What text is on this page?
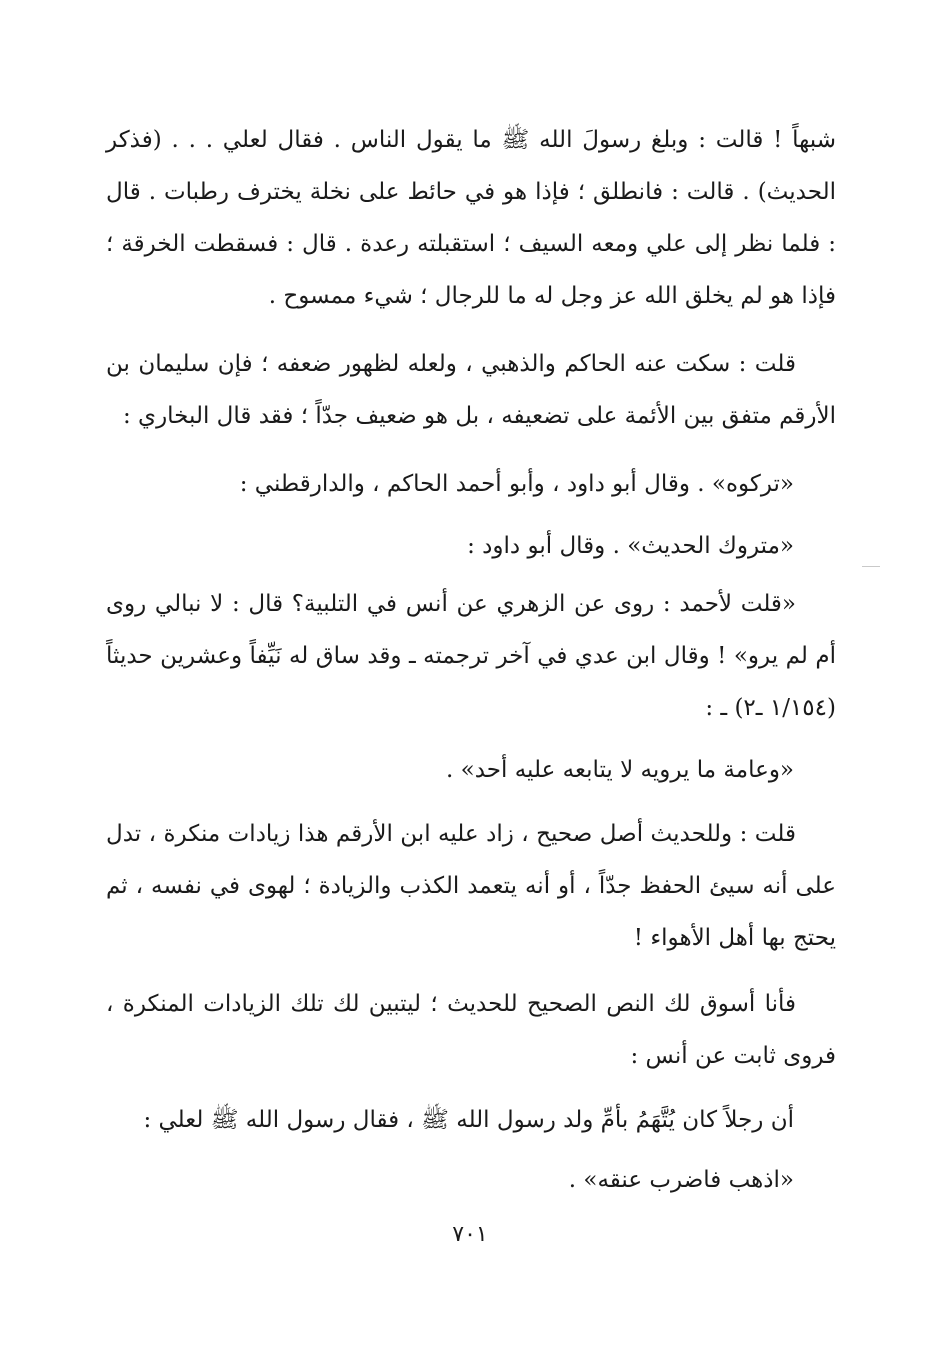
شبهاً ! قالت : وبلغ رسولَ الله ﷺ ما يقول الناس . فقال لعلي . . . (فذكر الحديث) . قالت : فانطلق ؛ فإذا هو في حائط على نخلة يخترف رطبات . قال : فلما نظر إلى علي ومعه السيف ؛ استقبلته رعدة . قال : فسقطت الخرقة ؛ فإذا هو لم يخلق الله عز وجل له ما للرجال ؛ شيء ممسوح .

قلت : سكت عنه الحاكم والذهبي ، ولعله لظهور ضعفه ؛ فإن سليمان بن الأرقم متفق بين الأئمة على تضعيفه ، بل هو ضعيف جدّاً ؛ فقد قال البخاري :

«تركوه» . وقال أبو داود ، وأبو أحمد الحاكم ، والدارقطني :

«متروك الحديث» . وقال أبو داود :

«قلت لأحمد : روى عن الزهري عن أنس في التلبية؟ قال : لا نبالي روى أم لم يرو» ! وقال ابن عدي في آخر ترجمته ـ وقد ساق له نَيِّفاً وعشرين حديثاً (١/١٥٤ ـ٢) ـ :

«وعامة ما يرويه لا يتابعه عليه أحد» .

قلت : وللحديث أصل صحيح ، زاد عليه ابن الأرقم هذا زيادات منكرة ، تدل على أنه سيئ الحفظ جدّاً ، أو أنه يتعمد الكذب والزيادة ؛ لهوى في نفسه ، ثم يحتج بها أهل الأهواء !

فأنا أسوق لك النص الصحيح للحديث ؛ ليتبين لك تلك الزيادات المنكرة ، فروى ثابت عن أنس :

أن رجلاً كان يُتَّهَمُ بأمِّ ولد رسول الله ﷺ ، فقال رسول الله ﷺ لعلي :

«اذهب فاضرب عنقه» .

٧٠١
